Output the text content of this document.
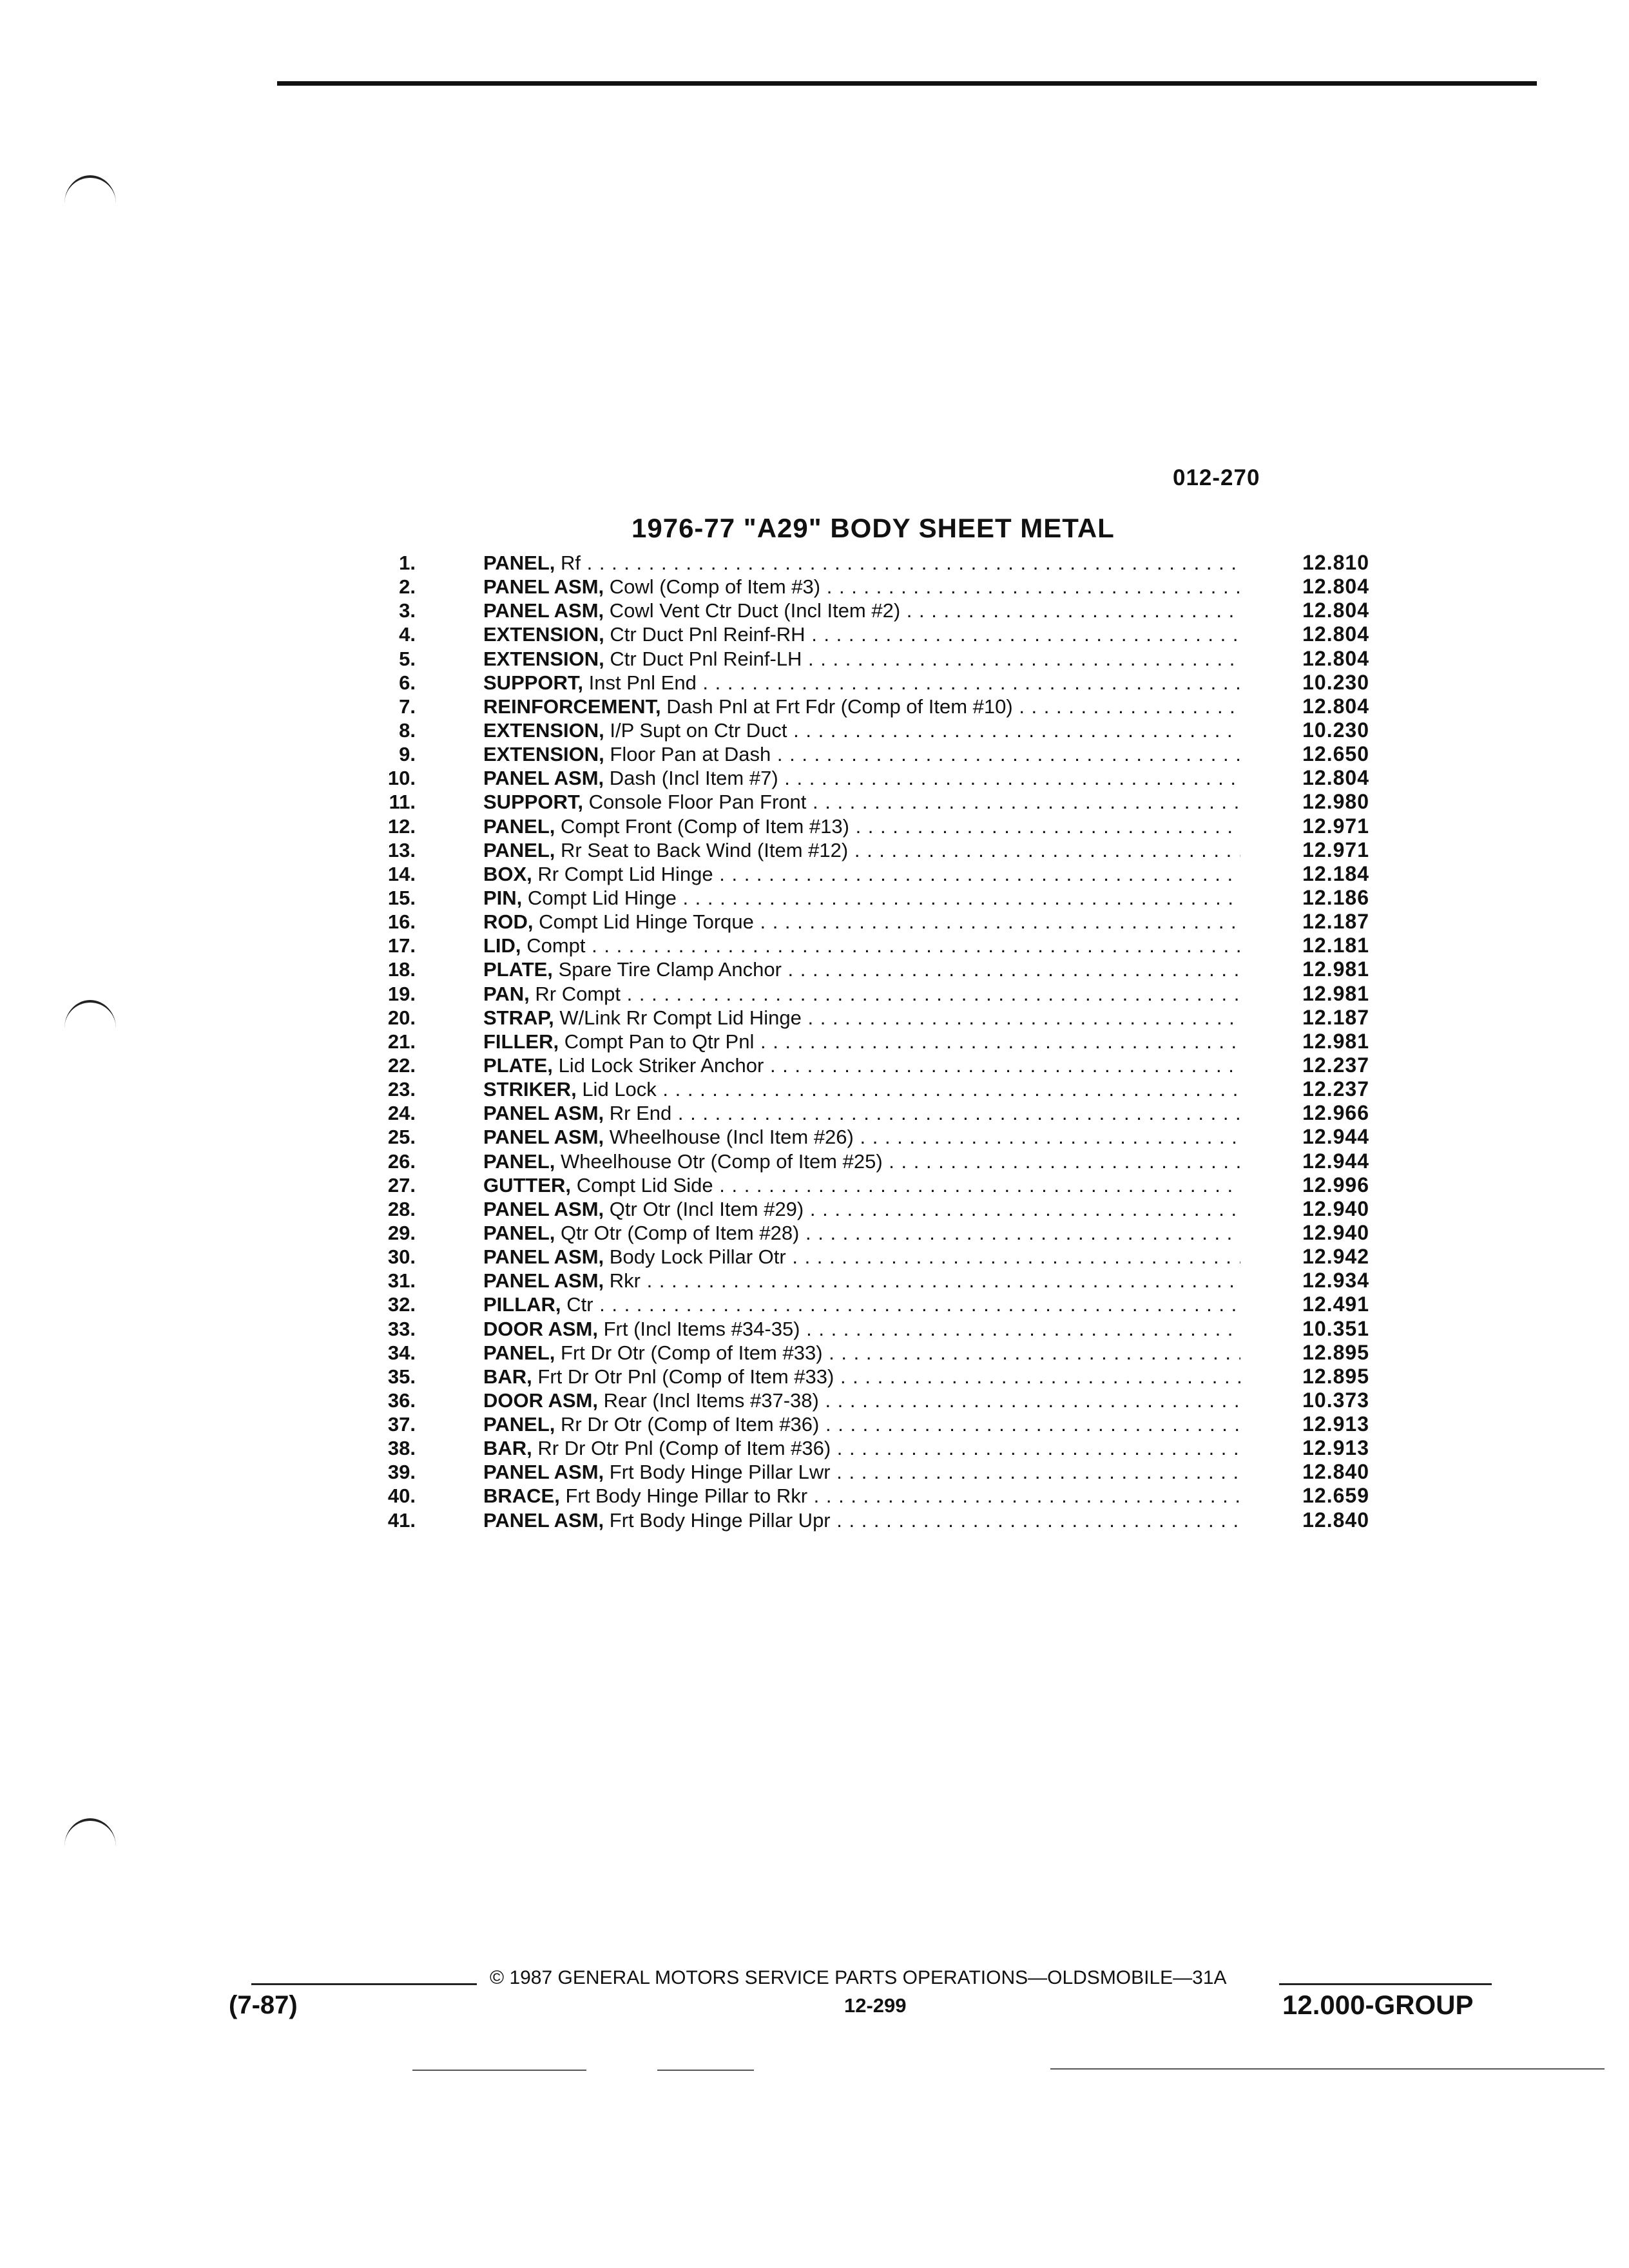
012-270
1976-77 "A29" BODY SHEET METAL
1.	PANEL, Rf . . .	12.810
2.	PANEL ASM, Cowl (Comp of Item #3) . . .	12.804
3.	PANEL ASM, Cowl Vent Ctr Duct (Incl Item #2) . . .	12.804
4.	EXTENSION, Ctr Duct Pnl Reinf-RH . . .	12.804
5.	EXTENSION, Ctr Duct Pnl Reinf-LH . . .	12.804
6.	SUPPORT, Inst Pnl End . . .	10.230
7.	REINFORCEMENT, Dash Pnl at Frt Fdr (Comp of Item #10) . . .	12.804
8.	EXTENSION, I/P Supt on Ctr Duct . . .	10.230
9.	EXTENSION, Floor Pan at Dash . . .	12.650
10.	PANEL ASM, Dash (Incl Item #7) . . .	12.804
11.	SUPPORT, Console Floor Pan Front . . .	12.980
12.	PANEL, Compt Front (Comp of Item #13) . . .	12.971
13.	PANEL, Rr Seat to Back Wind (Item #12) . . .	12.971
14.	BOX, Rr Compt Lid Hinge . . .	12.184
15.	PIN, Compt Lid Hinge . . .	12.186
16.	ROD, Compt Lid Hinge Torque . . .	12.187
17.	LID, Compt . . .	12.181
18.	PLATE, Spare Tire Clamp Anchor . . .	12.981
19.	PAN, Rr Compt . . .	12.981
20.	STRAP, W/Link Rr Compt Lid Hinge . . .	12.187
21.	FILLER, Compt Pan to Qtr Pnl . . .	12.981
22.	PLATE, Lid Lock Striker Anchor . . .	12.237
23.	STRIKER, Lid Lock . . .	12.237
24.	PANEL ASM, Rr End . . .	12.966
25.	PANEL ASM, Wheelhouse (Incl Item #26) . . .	12.944
26.	PANEL, Wheelhouse Otr (Comp of Item #25) . . .	12.944
27.	GUTTER, Compt Lid Side . . .	12.996
28.	PANEL ASM, Qtr Otr (Incl Item #29) . . .	12.940
29.	PANEL, Qtr Otr (Comp of Item #28) . . .	12.940
30.	PANEL ASM, Body Lock Pillar Otr . . .	12.942
31.	PANEL ASM, Rkr . . .	12.934
32.	PILLAR, Ctr . . .	12.491
33.	DOOR ASM, Frt (Incl Items #34-35) . . .	10.351
34.	PANEL, Frt Dr Otr (Comp of Item #33) . . .	12.895
35.	BAR, Frt Dr Otr Pnl (Comp of Item #33) . . .	12.895
36.	DOOR ASM, Rear (Incl Items #37-38) . . .	10.373
37.	PANEL, Rr Dr Otr (Comp of Item #36) . . .	12.913
38.	BAR, Rr Dr Otr Pnl (Comp of Item #36) . . .	12.913
39.	PANEL ASM, Frt Body Hinge Pillar Lwr . . .	12.840
40.	BRACE, Frt Body Hinge Pillar to Rkr . . .	12.659
41.	PANEL ASM, Frt Body Hinge Pillar Upr . . .	12.840
© 1987 GENERAL MOTORS SERVICE PARTS OPERATIONS—OLDSMOBILE—31A
(7-87)	12-299	12.000-GROUP
